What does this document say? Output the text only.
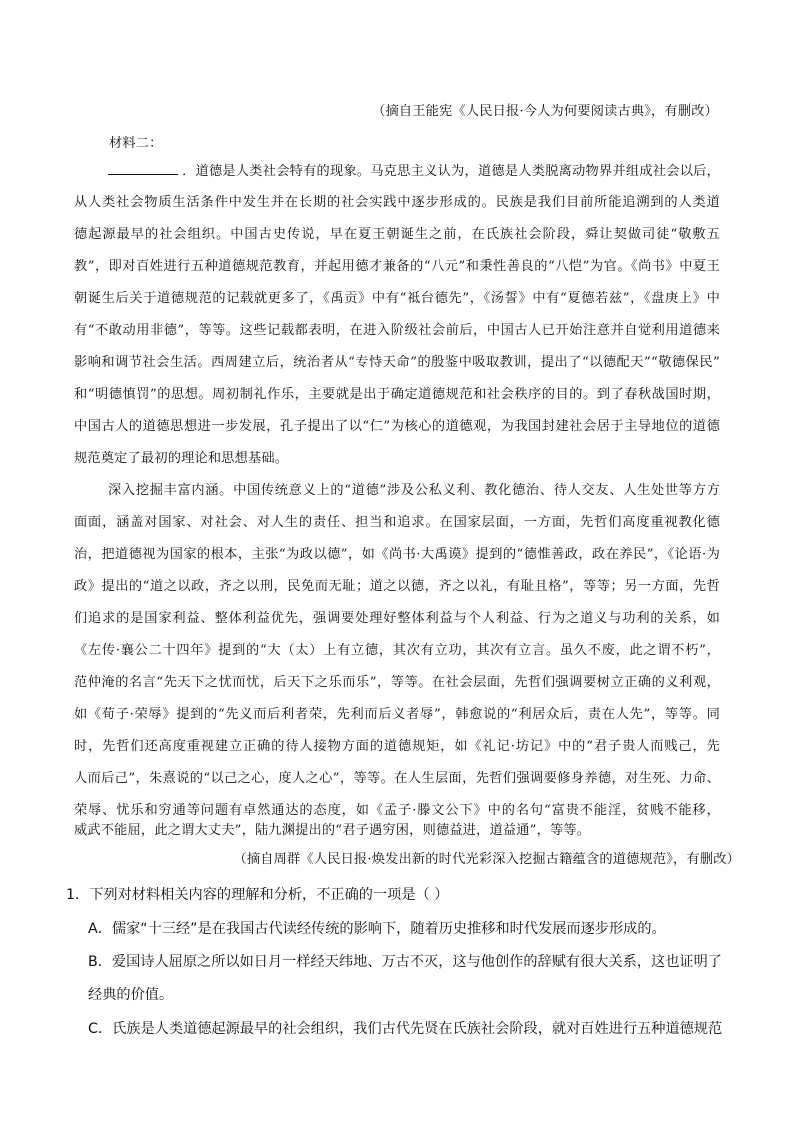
（摘自王能宪《人民日报·今人为何要阅读古典》，有删改）
材料二：
．道德是人类社会特有的现象。马克思主义认为，道德是人类脱离动物界并组成社会以后，
从人类社会物质生活条件中发生并在长期的社会实践中逐步形成的。民族是我们目前所能追溯到的人类道
德起源最早的社会组织。中国古史传说，早在夏王朝诞生之前，在氏族社会阶段，舜让契做司徒“敬敷五
教”，即对百姓进行五种道德规范教育，并起用德才兼备的“八元”和秉性善良的“八恺”为官。《尚书》中夏王
朝诞生后关于道德规范的记载就更多了，《禹贡》中有“祗台德先”，《汤誓》中有“夏德若兹”，《盘庚上》中
有“不敢动用非德”，等等。这些记载都表明，在进入阶级社会前后，中国古人已开始注意并自觉利用道德来
影响和调节社会生活。西周建立后，统治者从“专恃天命”的殷鉴中吸取教训，提出了“以德配天”“敬德保民”
和“明德慎罚”的思想。周初制礼作乐，主要就是出于确定道德规范和社会秩序的目的。到了春秋战国时期，
中国古人的道德思想进一步发展，孔子提出了以“仁”为核心的道德观，为我国封建社会居于主导地位的道德
规范奠定了最初的理论和思想基础。
深入挖掘丰富内涵。中国传统意义上的“道德”涉及公私义利、教化德治、待人交友、人生处世等方方
面面，涵盖对国家、对社会、对人生的责任、担当和追求。在国家层面，一方面，先哲们高度重视教化德
治，把道德视为国家的根本，主张“为政以德”，如《尚书·大禹谟》提到的“德惟善政，政在养民”，《论语·为
政》提出的“道之以政，齐之以刑，民免而无耻；道之以德，齐之以礼，有耻且格”，等等；另一方面，先哲
们追求的是国家利益、整体利益优先，强调要处理好整体利益与个人利益、行为之道义与功利的关系，如
《左传·襄公二十四年》提到的“大（太）上有立德，其次有立功，其次有立言。虽久不废，此之谓不朽”，
范仲淹的名言“先天下之忧而忧，后天下之乐而乐”，等等。在社会层面，先哲们强调要树立正确的义利观，
如《荀子·荣辱》提到的“先义而后利者荣，先利而后义者辱”，韩愈说的“利居众后，责在人先”，等等。同
时，先哲们还高度重视建立正确的待人接物方面的道德规矩，如《礼记·坊记》中的“君子贵人而贱己，先
人而后己”，朱熹说的“以己之心，度人之心”，等等。在人生层面，先哲们强调要修身养德，对生死、力命、
荣辱、忧乐和穷通等问题有卓然通达的态度，如《孟子·滕文公下》中的名句“富贵不能淫，贫贱不能移，
威武不能屈，此之谓大丈夫”，陆九渊提出的“君子遇穷困，则德益进，道益通”，等等。
（摘自周群《人民日报·焕发出新的时代光彩深入挖掘古籍蕴含的道德规范》，有删改）
1．下列对材料相关内容的理解和分析，不正确的一项是（ ）
A．儒家“十三经”是在我国古代读经传统的影响下，随着历史推移和时代发展而逐步形成的。
B．爱国诗人屈原之所以如日月一样经天纬地、万古不灭，这与他创作的辞赋有很大关系，这也证明了
经典的价值。
C．氏族是人类道德起源最早的社会组织，我们古代先贤在氏族社会阶段，就对百姓进行五种道德规范
